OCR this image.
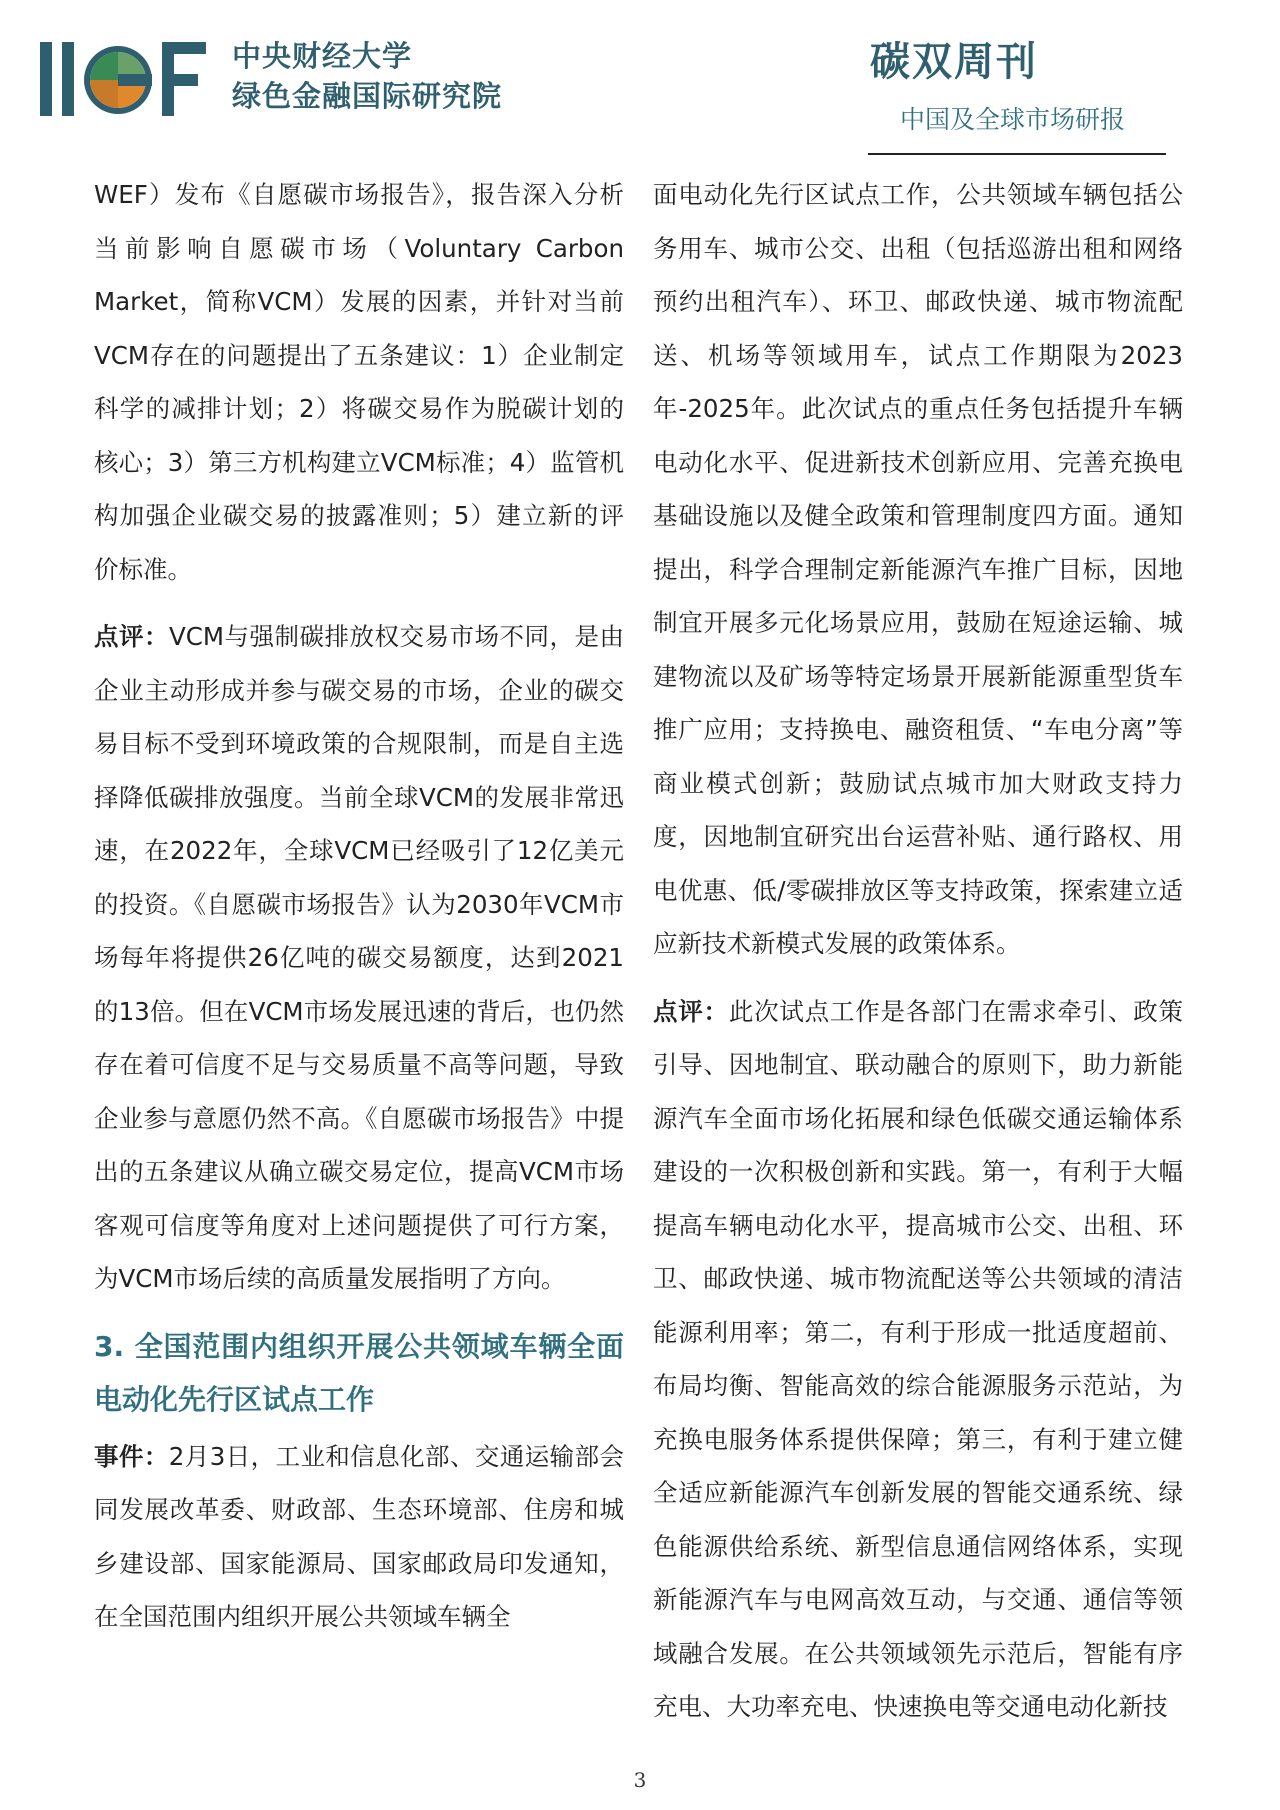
中央财经大学
绿色金融国际研究院
碳双周刊
中国及全球市场研报

WEF）发布《自愿碳市场报告》，报告深入分析当前影响自愿碳市场（Voluntary Carbon Market，简称VCM）发展的因素，并针对当前VCM存在的问题提出了五条建议：1）企业制定科学的减排计划；2）将碳交易作为脱碳计划的核心；3）第三方机构建立VCM标准；4）监管机构加强企业碳交易的披露准则；5）建立新的评价标准。

点评：VCM与强制碳排放权交易市场不同，是由企业主动形成并参与碳交易的市场，企业的碳交易目标不受到环境政策的合规限制，而是自主选择降低碳排放强度。当前全球VCM的发展非常迅速，在2022年，全球VCM已经吸引了12亿美元的投资。《自愿碳市场报告》认为2030年VCM市场每年将提供26亿吨的碳交易额度，达到2021的13倍。但在VCM市场发展迅速的背后，也仍然存在着可信度不足与交易质量不高等问题，导致企业参与意愿仍然不高。《自愿碳市场报告》中提出的五条建议从确立碳交易定位，提高VCM市场客观可信度等角度对上述问题提供了可行方案，为VCM市场后续的高质量发展指明了方向。

3. 全国范围内组织开展公共领域车辆全面电动化先行区试点工作

事件：2月3日，工业和信息化部、交通运输部会同发展改革委、财政部、生态环境部、住房和城乡建设部、国家能源局、国家邮政局印发通知，在全国范围内组织开展公共领域车辆全

面电动化先行区试点工作，公共领域车辆包括公务用车、城市公交、出租（包括巡游出租和网络预约出租汽车）、环卫、邮政快递、城市物流配送、机场等领域用车，试点工作期限为2023年-2025年。此次试点的重点任务包括提升车辆电动化水平、促进新技术创新应用、完善充换电基础设施以及健全政策和管理制度四方面。通知提出，科学合理制定新能源汽车推广目标，因地制宜开展多元化场景应用，鼓励在短途运输、城建物流以及矿场等特定场景开展新能源重型货车推广应用；支持换电、融资租赁、“车电分离”等商业模式创新；鼓励试点城市加大财政支持力度，因地制宜研究出台运营补贴、通行路权、用电优惠、低/零碳排放区等支持政策，探索建立适应新技术新模式发展的政策体系。

点评：此次试点工作是各部门在需求牵引、政策引导、因地制宜、联动融合的原则下，助力新能源汽车全面市场化拓展和绿色低碳交通运输体系建设的一次积极创新和实践。第一，有利于大幅提高车辆电动化水平，提高城市公交、出租、环卫、邮政快递、城市物流配送等公共领域的清洁能源利用率；第二，有利于形成一批适度超前、布局均衡、智能高效的综合能源服务示范站，为充换电服务体系提供保障；第三，有利于建立健全适应新能源汽车创新发展的智能交通系统、绿色能源供给系统、新型信息通信网络体系，实现新能源汽车与电网高效互动，与交通、通信等领域融合发展。在公共领域领先示范后，智能有序充电、大功率充电、快速换电等交通电动化新技

3
